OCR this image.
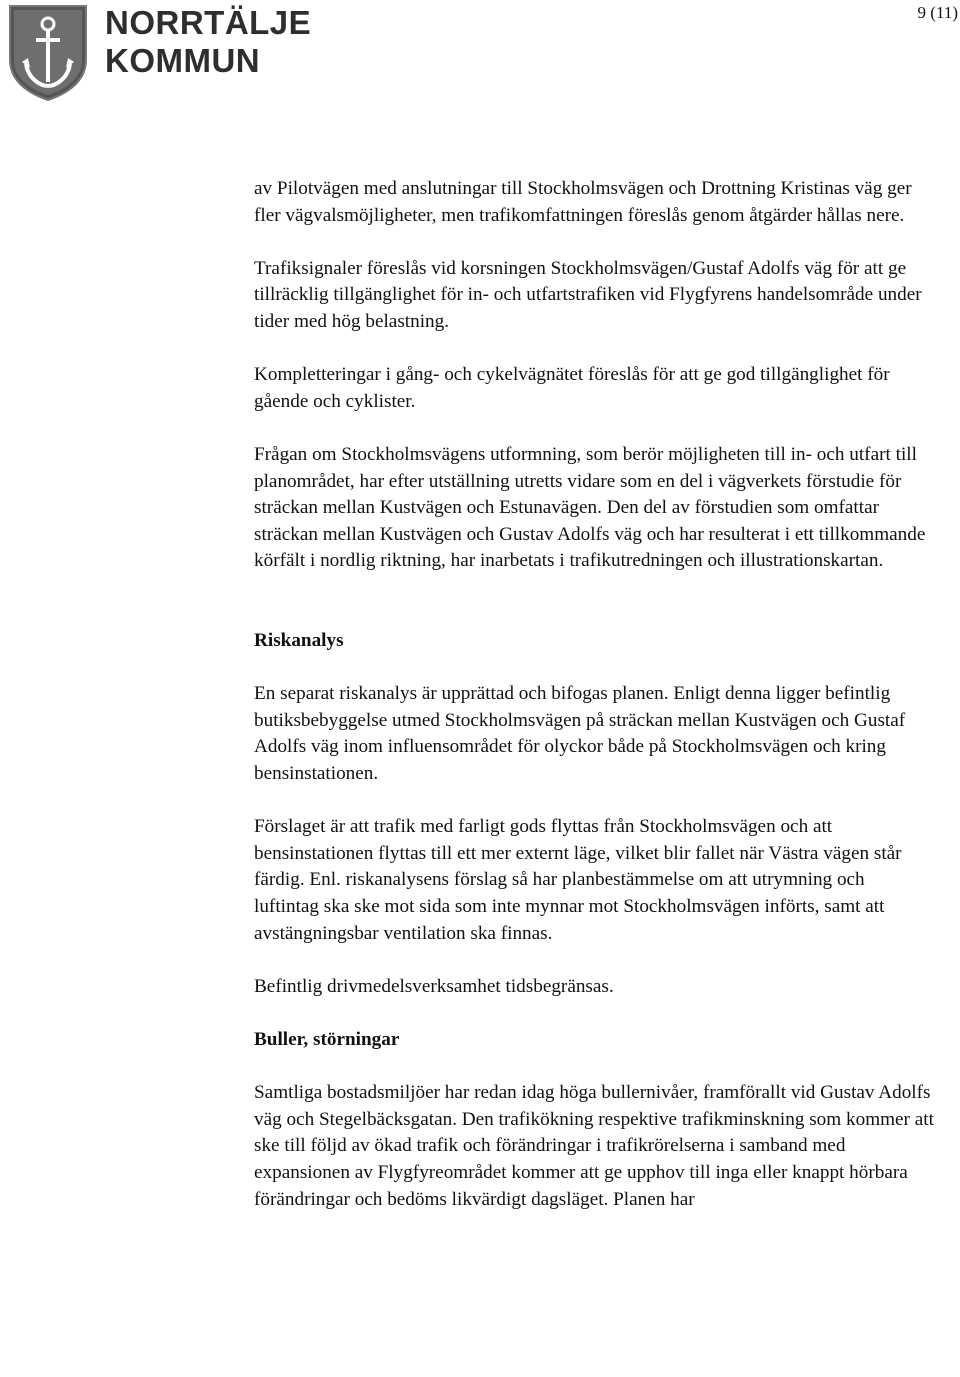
NORRTÄLJE
KOMMUN
9 (11)

av Pilotvägen med anslutningar till Stockholmsvägen och Drottning Kristinas väg ger fler vägvalsmöjligheter, men trafikomfattningen föreslås genom åtgärder hållas nere.

Trafiksignaler föreslås vid korsningen Stockholmsvägen/Gustaf Adolfs väg för att ge tillräcklig tillgänglighet för in- och utfartstrafiken vid Flygfyrens handelsområde under tider med hög belastning.

Kompletteringar i gång- och cykelvägnätet föreslås för att ge god tillgänglighet för gående och cyklister.

Frågan om Stockholmsvägens utformning, som berör möjligheten till in- och utfart till planområdet, har efter utställning utretts vidare som en del i vägverkets förstudie för sträckan mellan Kustvägen och Estunavägen. Den del av förstudien som omfattar sträckan mellan Kustvägen och Gustav Adolfs väg och har resulterat i ett tillkommande körfält i nordlig riktning, har inarbetats i trafikutredningen och illustrationskartan.

Riskanalys

En separat riskanalys är upprättad och bifogas planen. Enligt denna ligger befintlig butiksbebyggelse utmed Stockholmsvägen på sträckan mellan Kustvägen och Gustaf Adolfs väg inom influensområdet för olyckor både på Stockholmsvägen och kring bensinstationen.

Förslaget är att trafik med farligt gods flyttas från Stockholmsvägen och att bensinstationen flyttas till ett mer externt läge, vilket blir fallet när Västra vägen står färdig. Enl. riskanalysens förslag så har planbestämmelse om att utrymning och luftintag ska ske mot sida som inte mynnar mot Stockholmsvägen införts, samt att avstängningsbar ventilation ska finnas.

Befintlig drivmedelsverksamhet tidsbegränsas.

Buller, störningar

Samtliga bostadsmiljöer har redan idag höga bullernivåer, framförallt vid Gustav Adolfs väg och Stegelbäcksgatan. Den trafikökning respektive trafikminskning som kommer att ske till följd av ökad trafik och förändringar i trafikrörelserna i samband med expansionen av Flygfyreområdet kommer att ge upphov till inga eller knappt hörbara förändringar och bedöms likvärdigt dagsläget. Planen har
